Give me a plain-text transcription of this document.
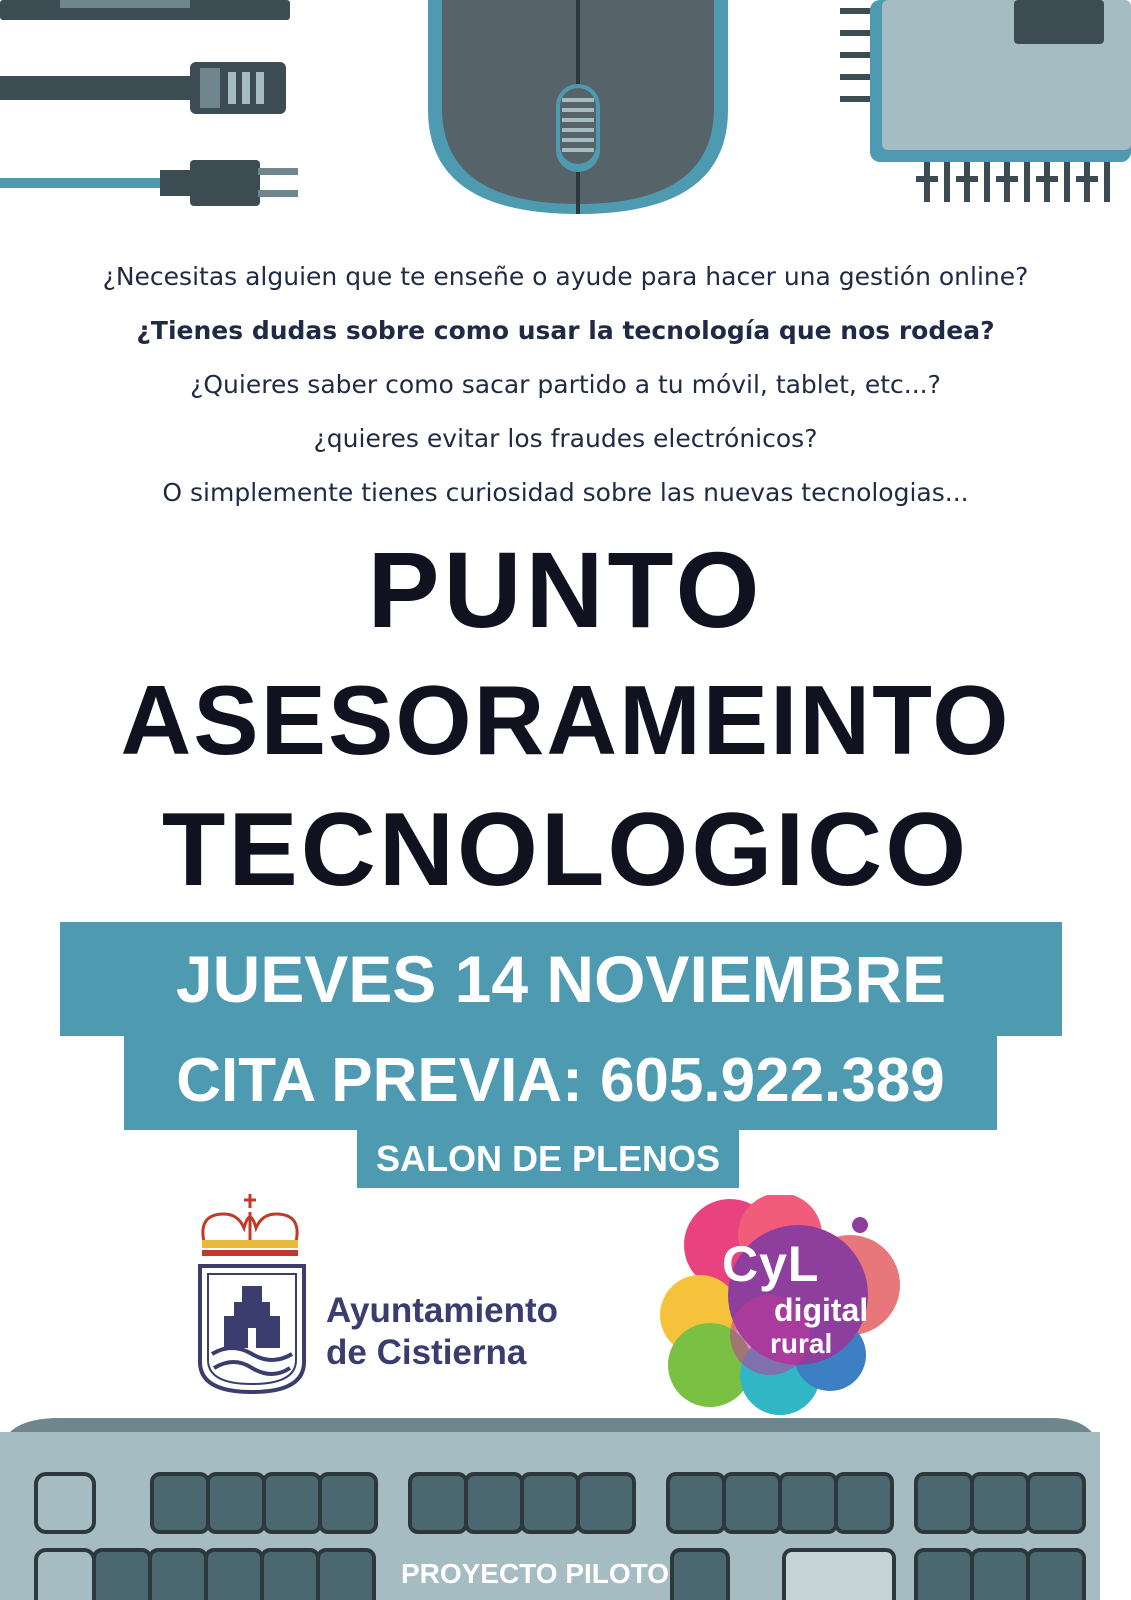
¿Necesitas alguien que te enseñe o ayude para hacer una gestión online?
¿Tienes dudas sobre como usar la tecnología que nos rodea?
¿Quieres saber como sacar partido a tu móvil, tablet, etc...?
¿quieres evitar los fraudes electrónicos?
O simplemente tienes curiosidad sobre las nuevas tecnologias...
PUNTO
ASESORAMEINTO
TECNOLOGICO
JUEVES 14 NOVIEMBRE
CITA PREVIA: 605.922.389
SALON DE PLENOS
Ayuntamiento
de Cistierna
CyL
digital
rural
PROYECTO PILOTO
